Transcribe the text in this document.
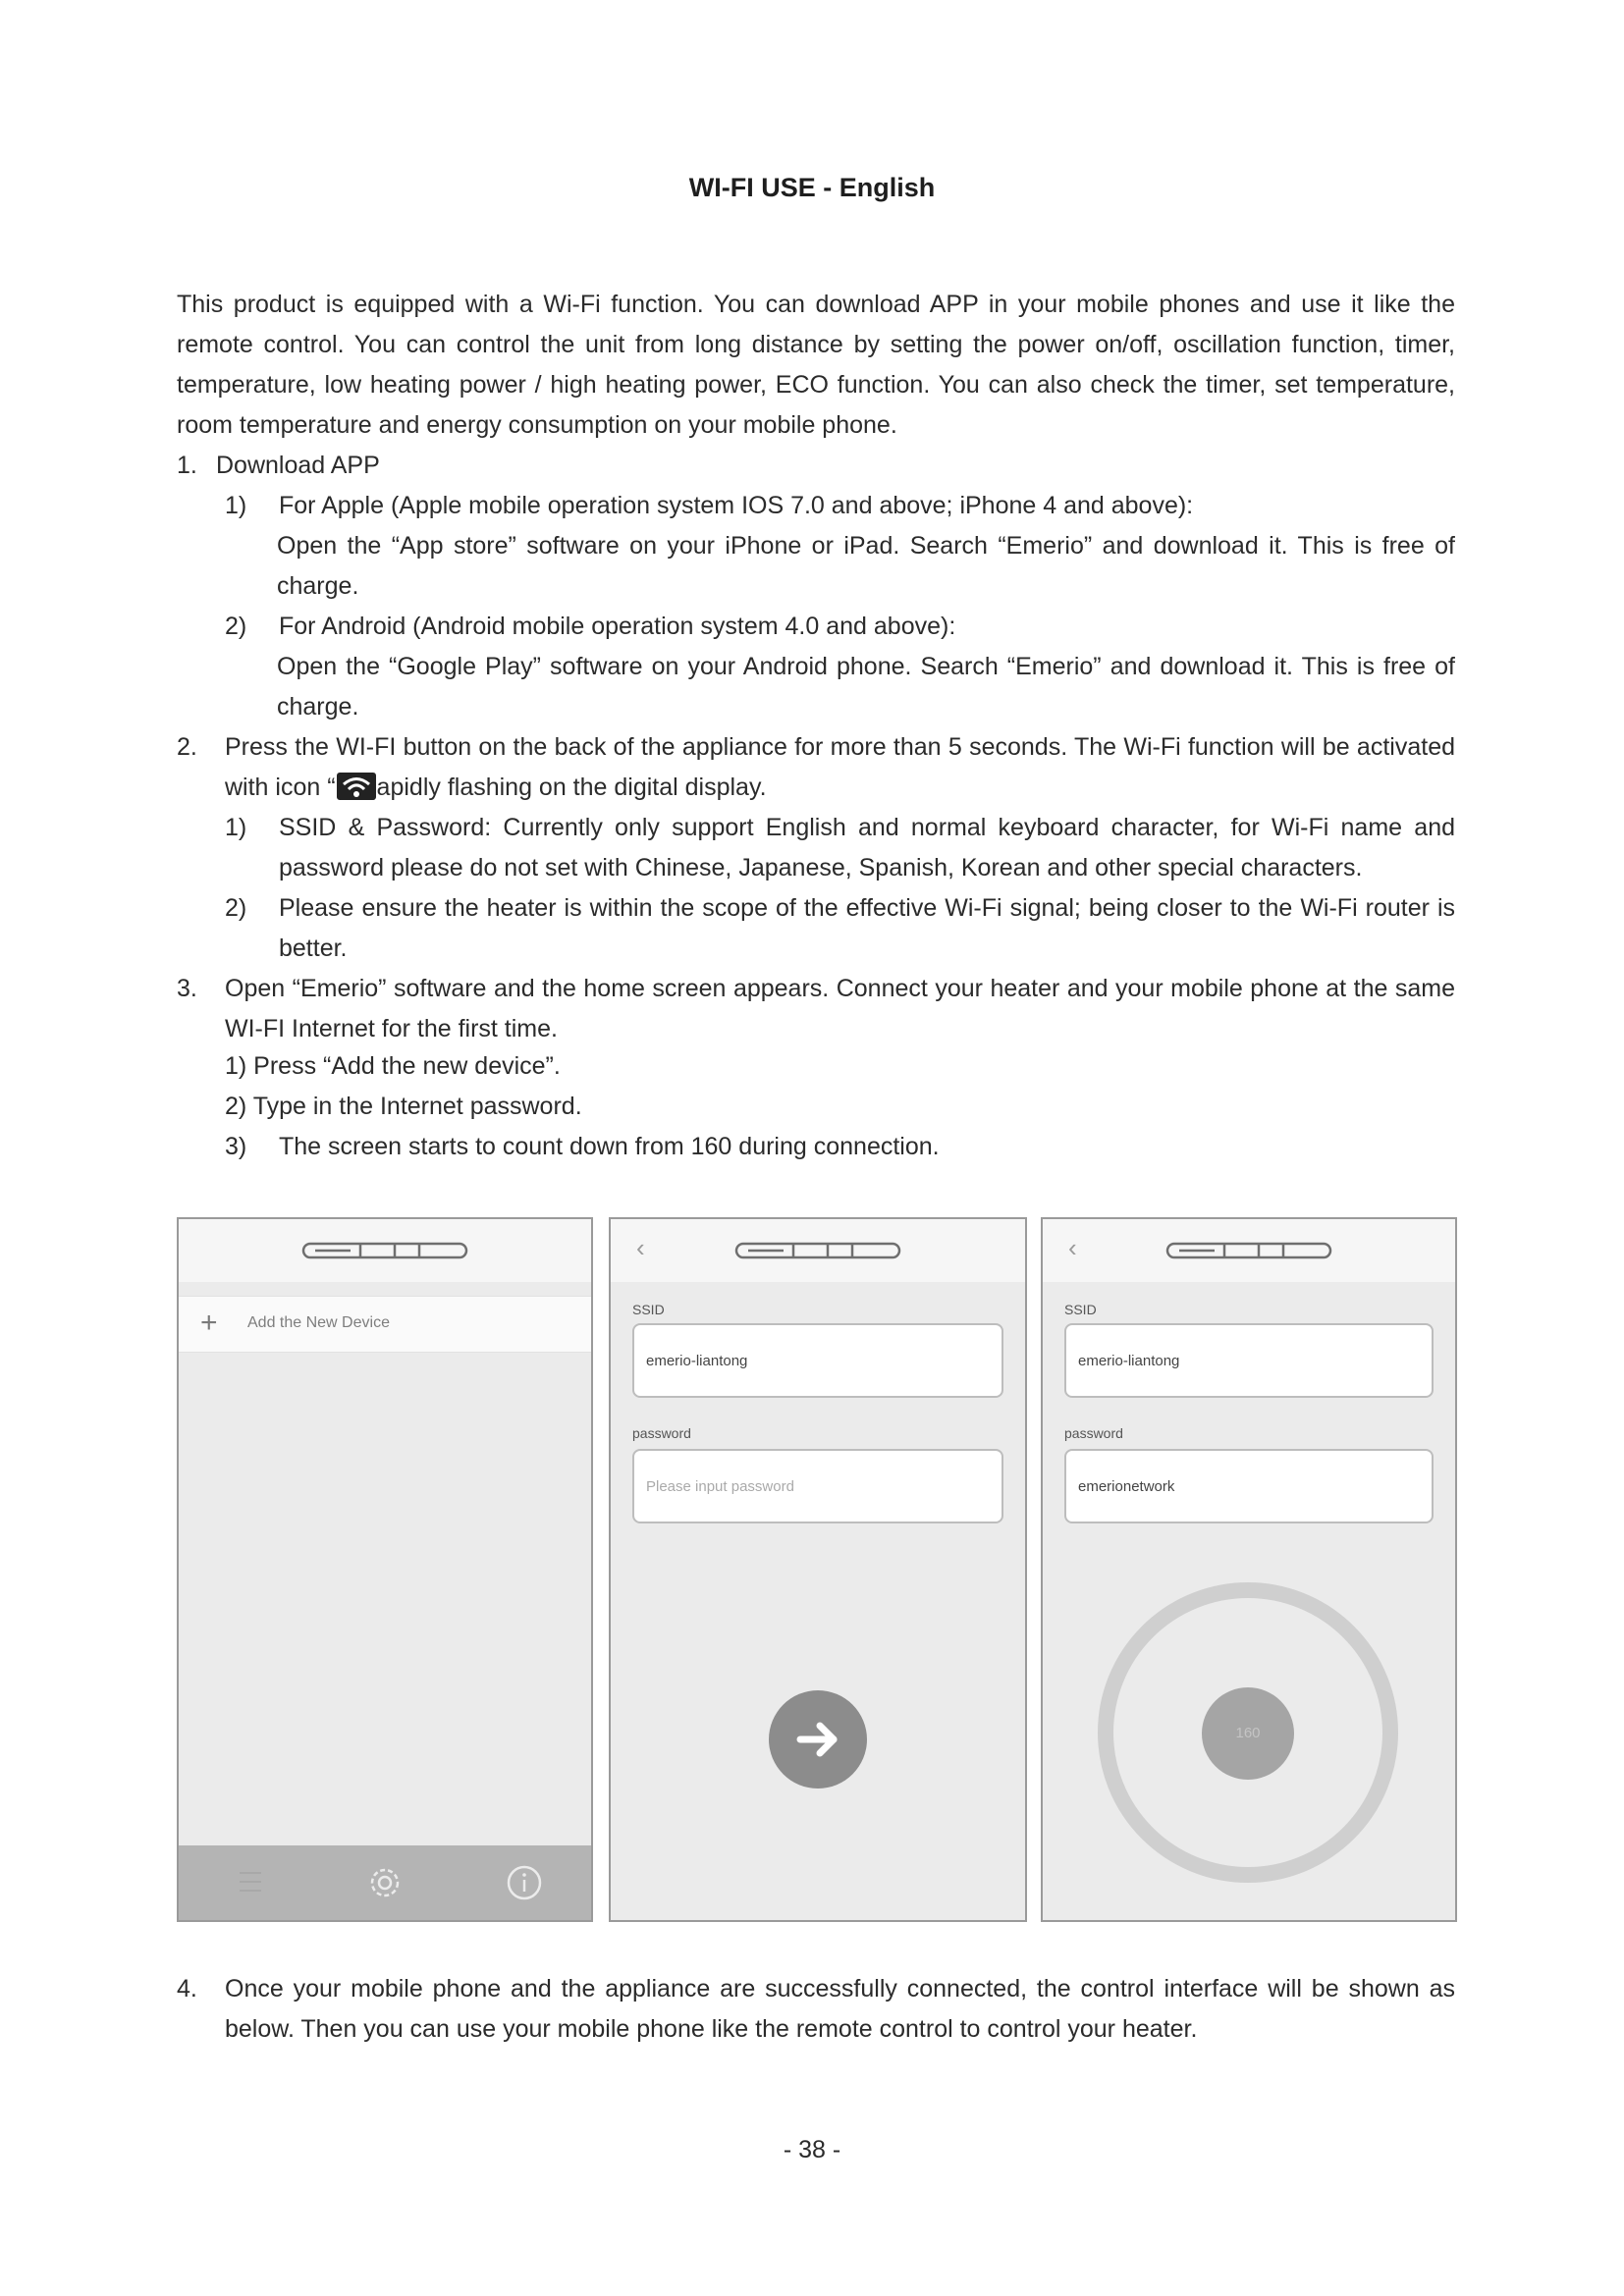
WI-FI USE - English
This product is equipped with a Wi-Fi function. You can download APP in your mobile phones and use it like the remote control. You can control the unit from long distance by setting the power on/off, oscillation function, timer, temperature, low heating power / high heating power, ECO function. You can also check the timer, set temperature, room temperature and energy consumption on your mobile phone.
1. Download APP
1) For Apple (Apple mobile operation system IOS 7.0 and above; iPhone 4 and above):
Open the “App store” software on your iPhone or iPad. Search “Emerio” and download it. This is free of charge.
2) For Android (Android mobile operation system 4.0 and above):
Open the “Google Play” software on your Android phone. Search “Emerio” and download it. This is free of charge.
2. Press the WI-FI button on the back of the appliance for more than 5 seconds. The Wi-Fi function will be activated with icon “ apidly flashing on the digital display.
1) SSID & Password: Currently only support English and normal keyboard character, for Wi-Fi name and password please do not set with Chinese, Japanese, Spanish, Korean and other special characters.
2) Please ensure the heater is within the scope of the effective Wi-Fi signal; being closer to the Wi-Fi router is better.
3. Open “Emerio” software and the home screen appears. Connect your heater and your mobile phone at the same WI-FI Internet for the first time.
1) Press “Add the new device”.
2) Type in the Internet password.
3) The screen starts to count down from 160 during connection.
+ Add the New Device
‹
SSID
emerio-liantong
password
Please input password
‹
SSID
emerio-liantong
password
emerionetwork
160
4. Once your mobile phone and the appliance are successfully connected, the control interface will be shown as below. Then you can use your mobile phone like the remote control to control your heater.
- 38 -
